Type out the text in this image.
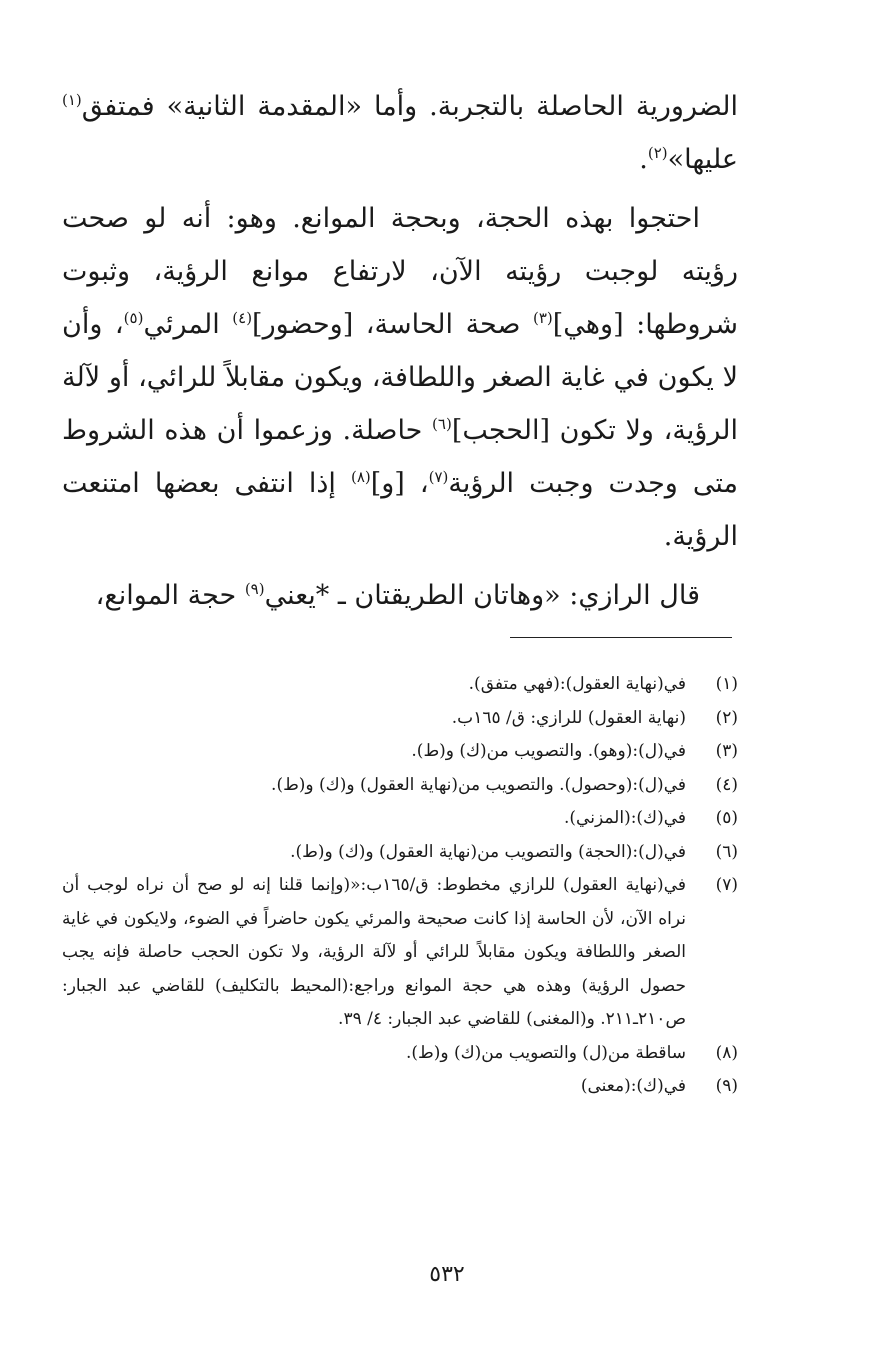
الضرورية الحاصلة بالتجربة. وأما «المقدمة الثانية» فمتفق$^{(١)}$ عليها»$^{(٢)}$.

احتجوا بهذه الحجة، وبحجة الموانع. وهو: أنه لو صحت رؤيته لوجبت رؤيته الآن، لارتفاع موانع الرؤية، وثبوت شروطها: [وهي]$^{(٣)}$ صحة الحاسة، [وحضور]$^{(٤)}$ المرئي$^{(٥)}$، وأن لا يكون في غاية الصغر واللطافة، ويكون مقابلاً للرائي، أو لآلة الرؤية، ولا تكون [الحجب]$^{(٦)}$ حاصلة. وزعموا أن هذه الشروط متى وجدت وجبت الرؤية$^{(٧)}$، [و]$^{(٨)}$ إذا انتفى بعضها امتنعت الرؤية.

قال الرازي: «وهاتان الطريقتان ـ *يعني$^{(٩)}$ حجة الموانع،

(١)
في(نهاية العقول):(فهي متفق).
(٢)
(نهاية العقول) للرازي: ق/ ١٦٥ب.
(٣)
في(ل):(وهو). والتصويب من(ك) و(ط).
(٤)
في(ل):(وحصول). والتصويب من(نهاية العقول) و(ك) و(ط).
(٥)
في(ك):(المزني).
(٦)
في(ل):(الحجة) والتصويب من(نهاية العقول) و(ك) و(ط).
(٧)
في(نهاية العقول) للرازي مخطوط: ق/١٦٥ب:«(وإنما قلنا إنه لو صح أن نراه لوجب أن نراه الآن، لأن الحاسة إذا كانت صحيحة والمرئي يكون حاضراً في الضوء، ولايكون في غاية الصغر واللطافة ويكون مقابلاً للرائي أو لآلة الرؤية، ولا تكون الحجب حاصلة فإنه يجب حصول الرؤية) وهذه هي حجة الموانع وراجع:(المحيط بالتكليف) للقاضي عبد الجبار: ص٢١٠ـ٢١١. و(المغنى) للقاضي عبد الجبار: ٤/ ٣٩.
(٨)
ساقطة من(ل) والتصويب من(ك) و(ط).
(٩)
في(ك):(معنى)
٥٣٢
